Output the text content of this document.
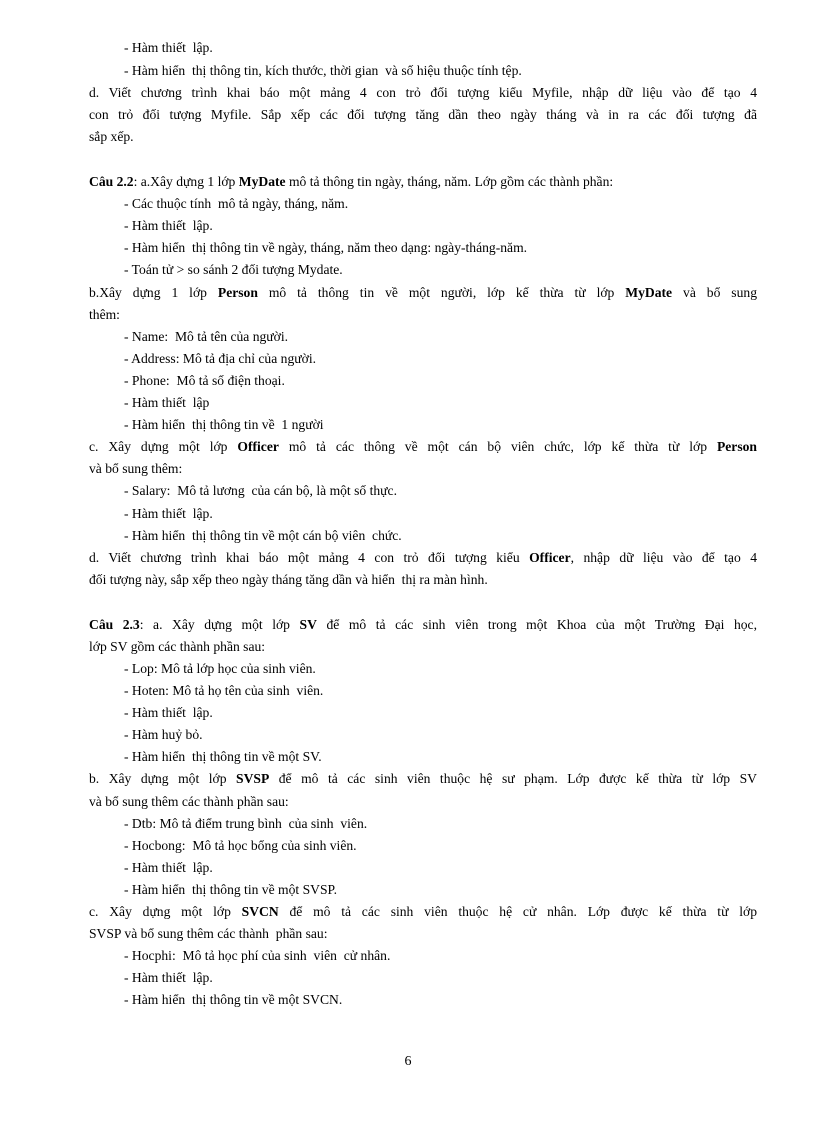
- Hàm thiết  lập.
- Hàm hiển  thị thông tin, kích thước, thời gian  và số hiệu thuộc tính tệp.
d. Viết chương trình khai báo một mảng 4 con trỏ đối tượng kiểu Myfile, nhập dữ liệu vào để tạo 4
con trỏ đối tượng Myfile. Sắp xếp các đối tượng tăng dần theo ngày tháng và in ra các đối tượng đã
sắp xếp.
Câu 2.2: a.Xây dựng 1 lớp MyDate mô tả thông tin ngày, tháng, năm. Lớp gồm các thành phần:
- Các thuộc tính  mô tả ngày, tháng, năm.
- Hàm thiết  lập.
- Hàm hiển  thị thông tin về ngày, tháng, năm theo dạng: ngày-tháng-năm.
- Toán tử > so sánh 2 đối tượng Mydate.
b.Xây dựng 1 lớp Person mô tả thông tin về một người, lớp kế thừa từ lớp MyDate và bổ sung
thêm:
- Name:  Mô tả tên của người.
- Address: Mô tả địa chỉ của người.
- Phone:  Mô tả số điện thoại.
- Hàm thiết  lập
- Hàm hiển  thị thông tin về  1 người
c. Xây dựng một lớp Officer mô tả các thông về một cán bộ viên chức, lớp kế thừa từ lớp Person
và bổ sung thêm:
- Salary:  Mô tả lương  của cán bộ, là một số thực.
- Hàm thiết  lập.
- Hàm hiển  thị thông tin về một cán bộ viên  chức.
d. Viết chương trình khai báo một mảng 4 con trỏ đối tượng kiểu Officer, nhập dữ liệu vào để tạo 4
đối tượng này, sắp xếp theo ngày tháng tăng dần và hiển  thị ra màn hình.
Câu 2.3: a. Xây dựng một lớp SV để mô tả các sinh viên trong một Khoa của một Trường Đại học,
lớp SV gồm các thành phần sau:
- Lop: Mô tả lớp học của sinh viên.
- Hoten: Mô tả họ tên của sinh  viên.
- Hàm thiết  lập.
- Hàm huỷ bỏ.
- Hàm hiển  thị thông tin về một SV.
b. Xây dựng một lớp SVSP để mô tả các sinh viên thuộc hệ sư phạm. Lớp được kế thừa từ lớp SV
và bổ sung thêm các thành phần sau:
- Dtb: Mô tả điểm trung bình  của sinh  viên.
- Hocbong:  Mô tả học bổng của sinh viên.
- Hàm thiết  lập.
- Hàm hiển  thị thông tin về một SVSP.
c. Xây dựng một lớp SVCN để mô tả các sinh viên thuộc hệ cử nhân. Lớp được kế thừa từ lớp
SVSP và bổ sung thêm các thành  phần sau:
- Hocphi:  Mô tả học phí của sinh  viên  cử nhân.
- Hàm thiết  lập.
- Hàm hiển  thị thông tin về một SVCN.
6
